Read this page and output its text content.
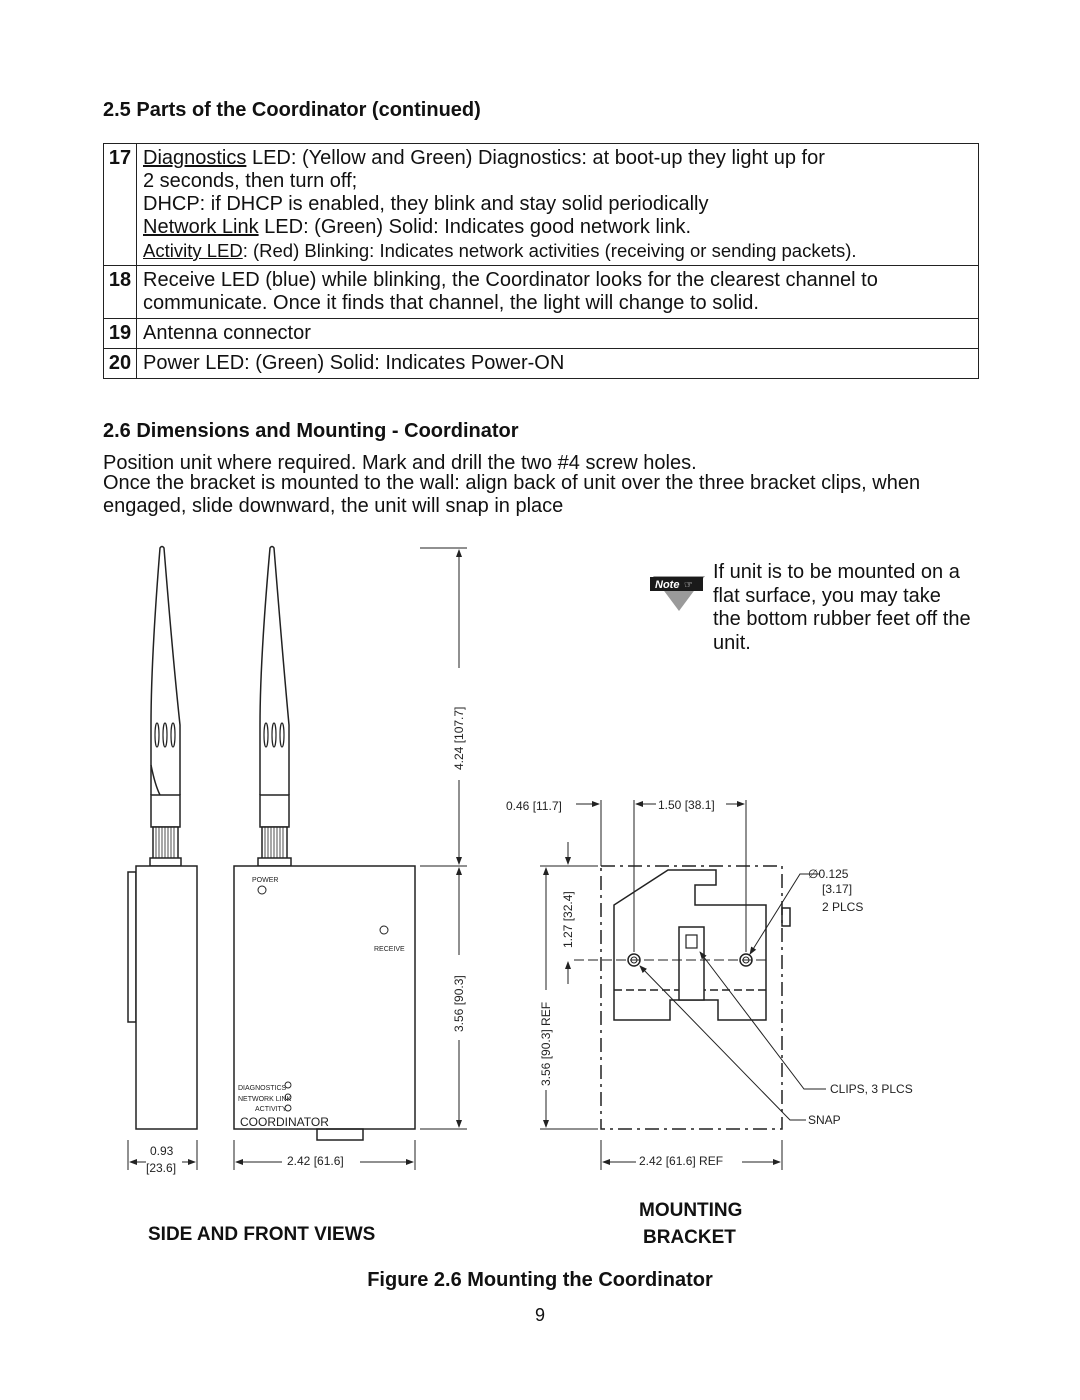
2.5 Parts of the Coordinator (continued)
17	Diagnostics LED: (Yellow and Green) Diagnostics: at boot-up they light up for
2 seconds, then turn off;
DHCP: if DHCP is enabled, they blink and stay solid periodically
Network Link LED: (Green) Solid: Indicates good network link.
Activity LED: (Red) Blinking: Indicates network activities (receiving or sending packets).

18	Receive LED (blue) while blinking, the Coordinator looks for the clearest channel to
communicate. Once it finds that channel, the light will change to solid.

19	Antenna connector

20	Power LED: (Green) Solid: Indicates Power-ON
2.6 Dimensions and Mounting - Coordinator
Position unit where required. Mark and drill the two #4 screw holes.
Once the bracket is mounted to the wall: align back of unit over the three bracket clips, when engaged, slide downward, the unit will snap in place
If unit is to be mounted on a flat surface, you may take the bottom rubber feet off the unit.
Note ☞
0.93
[23.6]
POWER
RECEIVE
DIAGNOSTICS
NETWORK LINK
ACTIVITY
COORDINATOR
2.42 [61.6]
4.24 [107.7]
3.56 [90.3]
0.46 [11.7]	1.50 [38.1]
1.27 [32.4]
3.56 [90.3] REF
2.42 [61.6] REF
∅0.125
[3.17]
2 PLCS
CLIPS, 3 PLCS
SNAP
SIDE AND FRONT VIEWS
MOUNTING
BRACKET
Figure 2.6 Mounting the Coordinator
9
